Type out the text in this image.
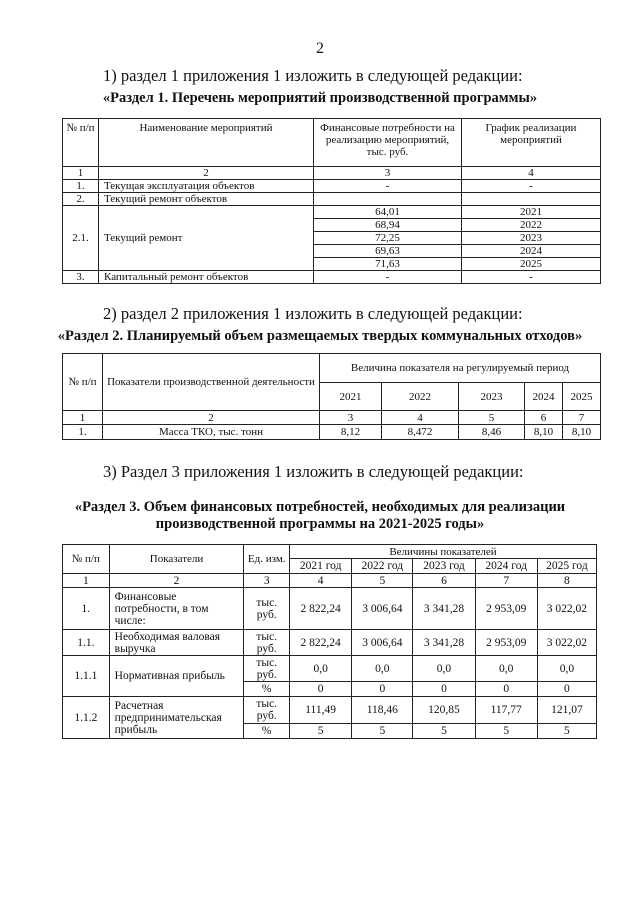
2
1) раздел 1 приложения 1 изложить в следующей редакции:
«Раздел 1. Перечень мероприятий производственной программы»
№ п/п	Наименование мероприятий	Финансовые потребности на реализацию мероприятий, тыс. руб.	График реализации мероприятий
1	2	3	4
1.	Текущая эксплуатация объектов	-	-
2.	Текущий ремонт объектов		
2.1.	Текущий ремонт	64,01	2021
		68,94	2022
		72,25	2023
		69,63	2024
		71,63	2025
3.	Капитальный ремонт объектов	-	-
2) раздел 2 приложения 1 изложить в следующей редакции:
«Раздел 2. Планируемый объем размещаемых твердых коммунальных отходов»
№ п/п	Показатели производственной деятельности	Величина показателя на регулируемый период				
		2021	2022	2023	2024	2025
1	2	3	4	5	6	7
1.	Масса ТКО, тыс. тонн	8,12	8,472	8,46	8,10	8,10
3) Раздел 3 приложения 1 изложить в следующей редакции:
«Раздел 3. Объем финансовых потребностей, необходимых для реализации
производственной программы на 2021-2025 годы»
№ п/п	Показатели	Ед. изм.	Величины показателей				
			2021 год	2022 год	2023 год	2024 год	2025 год
1	2	3	4	5	6	7	8
1.	Финансовые потребности, в том числе:	тыс. руб.	2 822,24	3 006,64	3 341,28	2 953,09	3 022,02
1.1.	Необходимая валовая выручка	тыс. руб.	2 822,24	3 006,64	3 341,28	2 953,09	3 022,02
1.1.1	Нормативная прибыль	тыс. руб.	0,0	0,0	0,0	0,0	0,0
		%	0	0	0	0	0
1.1.2	Расчетная предпринимательская прибыль	тыс. руб.	111,49	118,46	120,85	117,77	121,07
		%	5	5	5	5	5
